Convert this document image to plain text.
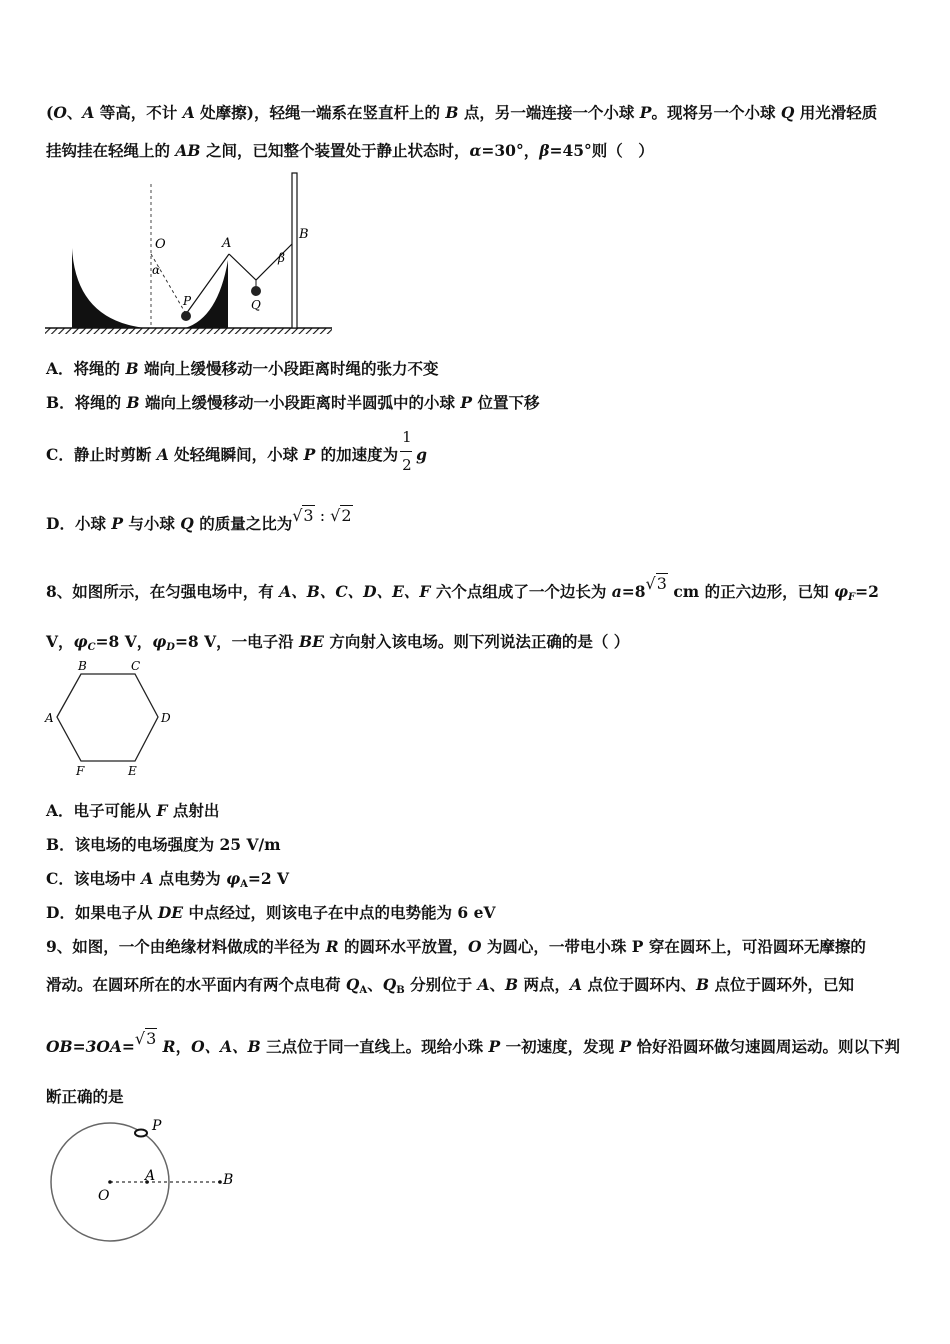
(O、A 等高，不计 A 处摩擦)，轻绳一端系在竖直杆上的 B 点，另一端连接一个小球 P。现将另一个小球 Q 用光滑轻质
挂钩挂在轻绳上的 AB 之间，已知整个装置处于静止状态时，α=30°，β=45°则（　）
O	A
B
α
β
P	Q
A．将绳的 B 端向上缓慢移动一小段距离时绳的张力不变
B．将绳的 B 端向上缓慢移动一小段距离时半圆弧中的小球 P 位置下移
C．静止时剪断 A 处轻绳瞬间，小球 P 的加速度为 $\frac{1}{2}$ g
D．小球 P 与小球 Q 的质量之比为√3 : √2
8、如图所示，在匀强电场中，有 A、B、C、D、E、F 六个点组成了一个边长为 a=8√3 cm 的正六边形，已知 $\varphi_F=2$
V，$\varphi_C=8$ V，$\varphi_D=8$ V，一电子沿 BE 方向射入该电场。则下列说法正确的是（ ）
B	C
A	D
F	E
A．电子可能从 F 点射出
B．该电场的电场强度为 25 V/m
C．该电场中 A 点电势为 $\varphi_A=2$ V
D．如果电子从 DE 中点经过，则该电子在中点的电势能为 6 eV
9、如图，一个由绝缘材料做成的半径为 R 的圆环水平放置，O 为圆心，一带电小珠 P 穿在圆环上，可沿圆环无摩擦的
滑动。在圆环所在的水平面内有两个点电荷 $Q_A$、$Q_B$ 分别位于 A、B 两点，A 点位于圆环内、B 点位于圆环外，已知
OB=3OA=√3 R，O、A、B 三点位于同一直线上。现给小珠 P 一初速度，发现 P 恰好沿圆环做匀速圆周运动。则以下判
断正确的是
P
O
A	B
